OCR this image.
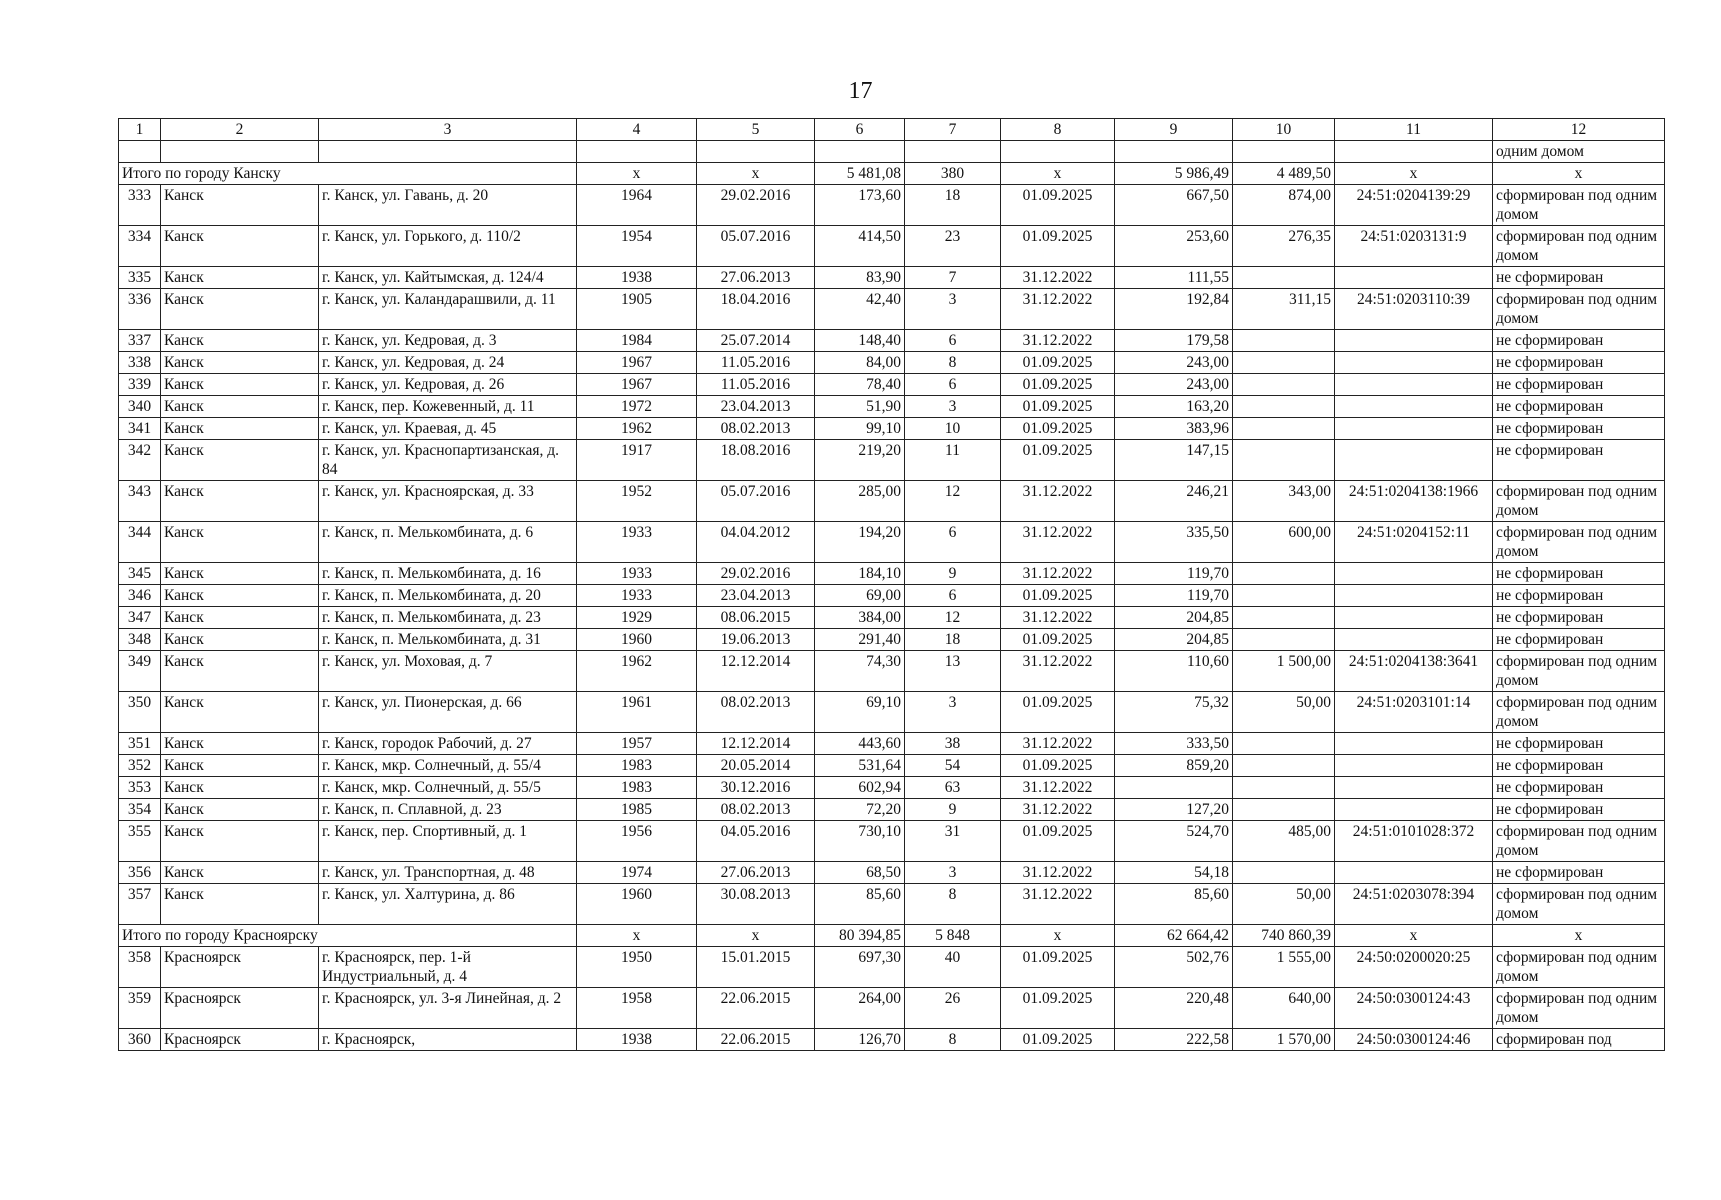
17
1	2	3	4	5	6	7	8	9	10	11	12
											одним домом
Итого по городу Канску			х	х	5 481,08	380	х	5 986,49	4 489,50	х	х
333	Канск	г. Канск, ул. Гавань, д. 20	1964	29.02.2016	173,60	18	01.09.2025	667,50	874,00	24:51:0204139:29	сформирован под одним домом
334	Канск	г. Канск, ул. Горького, д. 110/2	1954	05.07.2016	414,50	23	01.09.2025	253,60	276,35	24:51:0203131:9	сформирован под одним домом
335	Канск	г. Канск, ул. Кайтымская, д. 124/4	1938	27.06.2013	83,90	7	31.12.2022	111,55			не сформирован
336	Канск	г. Канск, ул. Каландарашвили, д. 11	1905	18.04.2016	42,40	3	31.12.2022	192,84	311,15	24:51:0203110:39	сформирован под одним домом
337	Канск	г. Канск, ул. Кедровая, д. 3	1984	25.07.2014	148,40	6	31.12.2022	179,58			не сформирован
338	Канск	г. Канск, ул. Кедровая, д. 24	1967	11.05.2016	84,00	8	01.09.2025	243,00			не сформирован
339	Канск	г. Канск, ул. Кедровая, д. 26	1967	11.05.2016	78,40	6	01.09.2025	243,00			не сформирован
340	Канск	г. Канск, пер. Кожевенный, д. 11	1972	23.04.2013	51,90	3	01.09.2025	163,20			не сформирован
341	Канск	г. Канск, ул. Краевая, д. 45	1962	08.02.2013	99,10	10	01.09.2025	383,96			не сформирован
342	Канск	г. Канск, ул. Краснопартизанская, д. 84	1917	18.08.2016	219,20	11	01.09.2025	147,15			не сформирован
343	Канск	г. Канск, ул. Красноярская, д. 33	1952	05.07.2016	285,00	12	31.12.2022	246,21	343,00	24:51:0204138:1966	сформирован под одним домом
344	Канск	г. Канск, п. Мелькомбината, д. 6	1933	04.04.2012	194,20	6	31.12.2022	335,50	600,00	24:51:0204152:11	сформирован под одним домом
345	Канск	г. Канск, п. Мелькомбината, д. 16	1933	29.02.2016	184,10	9	31.12.2022	119,70			не сформирован
346	Канск	г. Канск, п. Мелькомбината, д. 20	1933	23.04.2013	69,00	6	01.09.2025	119,70			не сформирован
347	Канск	г. Канск, п. Мелькомбината, д. 23	1929	08.06.2015	384,00	12	31.12.2022	204,85			не сформирован
348	Канск	г. Канск, п. Мелькомбината, д. 31	1960	19.06.2013	291,40	18	01.09.2025	204,85			не сформирован
349	Канск	г. Канск, ул. Моховая, д. 7	1962	12.12.2014	74,30	13	31.12.2022	110,60	1 500,00	24:51:0204138:3641	сформирован под одним домом
350	Канск	г. Канск, ул. Пионерская, д. 66	1961	08.02.2013	69,10	3	01.09.2025	75,32	50,00	24:51:0203101:14	сформирован под одним домом
351	Канск	г. Канск, городок Рабочий, д. 27	1957	12.12.2014	443,60	38	31.12.2022	333,50			не сформирован
352	Канск	г. Канск, мкр. Солнечный, д. 55/4	1983	20.05.2014	531,64	54	01.09.2025	859,20			не сформирован
353	Канск	г. Канск, мкр. Солнечный, д. 55/5	1983	30.12.2016	602,94	63	31.12.2022				не сформирован
354	Канск	г. Канск, п. Сплавной, д. 23	1985	08.02.2013	72,20	9	31.12.2022	127,20			не сформирован
355	Канск	г. Канск, пер. Спортивный, д. 1	1956	04.05.2016	730,10	31	01.09.2025	524,70	485,00	24:51:0101028:372	сформирован под одним домом
356	Канск	г. Канск, ул. Транспортная, д. 48	1974	27.06.2013	68,50	3	31.12.2022	54,18			не сформирован
357	Канск	г. Канск, ул. Халтурина, д. 86	1960	30.08.2013	85,60	8	31.12.2022	85,60	50,00	24:51:0203078:394	сформирован под одним домом
Итого по городу Красноярску			х	х	80 394,85	5 848	х	62 664,42	740 860,39	х	х
358	Красноярск	г. Красноярск, пер. 1-й Индустриальный, д. 4	1950	15.01.2015	697,30	40	01.09.2025	502,76	1 555,00	24:50:0200020:25	сформирован под одним домом
359	Красноярск	г. Красноярск, ул. 3-я Линейная, д. 2	1958	22.06.2015	264,00	26	01.09.2025	220,48	640,00	24:50:0300124:43	сформирован под одним домом
360	Красноярск	г. Красноярск,	1938	22.06.2015	126,70	8	01.09.2025	222,58	1 570,00	24:50:0300124:46	сформирован под
